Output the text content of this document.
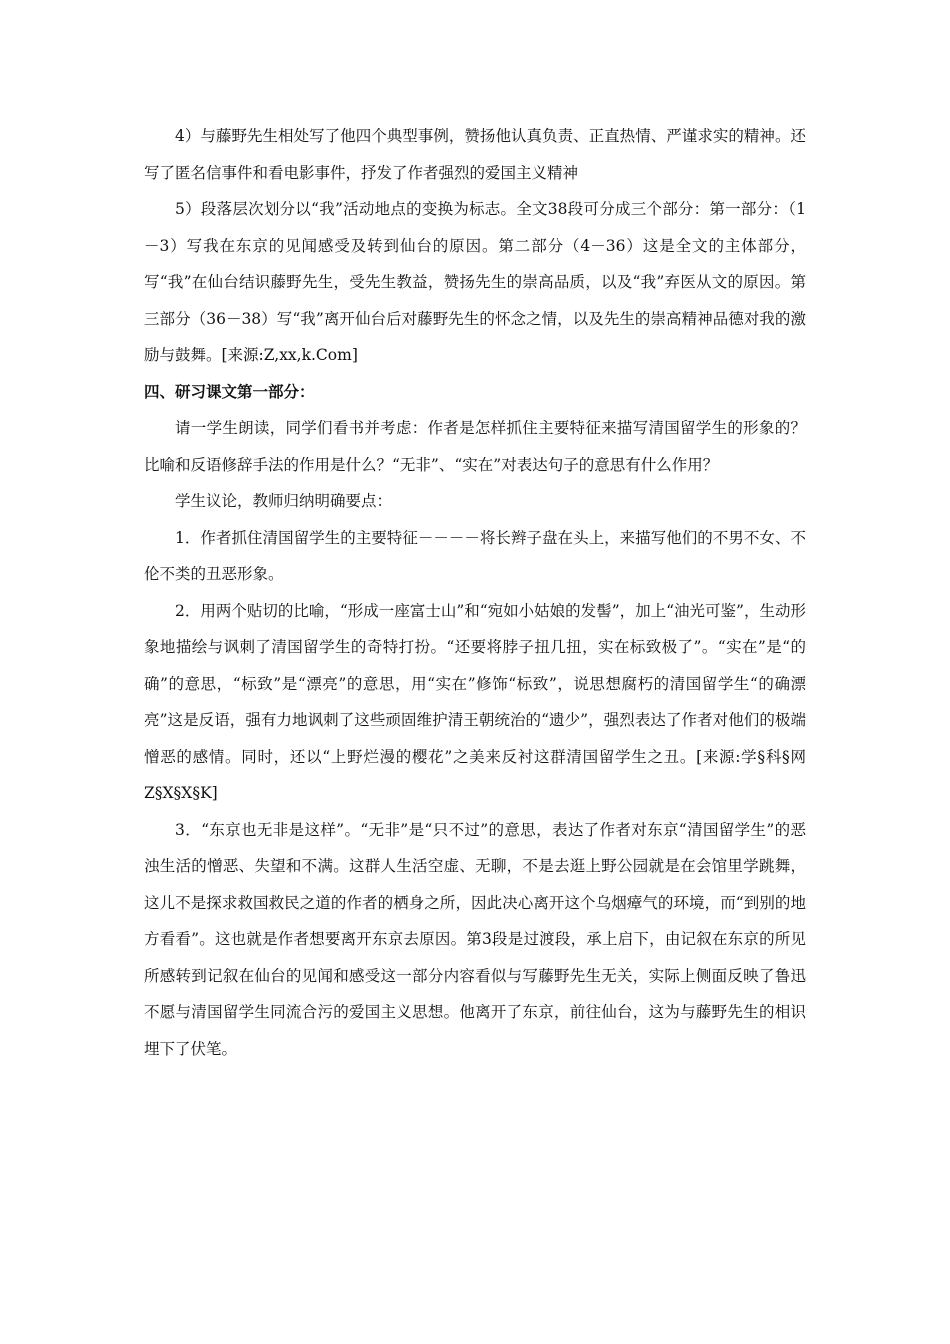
4）与藤野先生相处写了他四个典型事例，赞扬他认真负责、正直热情、严谨求实的精神。还写了匿名信事件和看电影事件，抒发了作者强烈的爱国主义精神

5）段落层次划分以“我”活动地点的变换为标志。全文38段可分成三个部分：第一部分：（1－3）写我在东京的见闻感受及转到仙台的原因。第二部分（4－36）这是全文的主体部分，写“我”在仙台结识藤野先生，受先生教益，赞扬先生的崇高品质，以及“我”弃医从文的原因。第三部分（36－38）写“我”离开仙台后对藤野先生的怀念之情，以及先生的崇高精神品德对我的激励与鼓舞。[来源:Z,xx,k.Com]

四、研习课文第一部分：

请一学生朗读，同学们看书并考虑：作者是怎样抓住主要特征来描写清国留学生的形象的？比喻和反语修辞手法的作用是什么？“无非”、“实在”对表达句子的意思有什么作用？

学生议论，教师归纳明确要点：

1．作者抓住清国留学生的主要特征－－－－将长辫子盘在头上，来描写他们的不男不女、不伦不类的丑恶形象。

2．用两个贴切的比喻，“形成一座富士山”和“宛如小姑娘的发髻”，加上“油光可鉴”，生动形象地描绘与讽刺了清国留学生的奇特打扮。“还要将脖子扭几扭，实在标致极了”。“实在”是“的确”的意思，“标致”是“漂亮”的意思，用“实在”修饰“标致”，说思想腐朽的清国留学生“的确漂亮”这是反语，强有力地讽刺了这些顽固维护清王朝统治的“遗少”，强烈表达了作者对他们的极端憎恶的感情。同时，还以“上野烂漫的樱花”之美来反衬这群清国留学生之丑。[来源:学§科§网Z§X§X§K]

3．“东京也无非是这样”。“无非”是“只不过”的意思，表达了作者对东京“清国留学生”的恶浊生活的憎恶、失望和不满。这群人生活空虚、无聊，不是去逛上野公园就是在会馆里学跳舞，这儿不是探求救国救民之道的作者的栖身之所，因此决心离开这个乌烟瘴气的环境，而“到别的地方看看”。这也就是作者想要离开东京去原因。第3段是过渡段，承上启下，由记叙在东京的所见所感转到记叙在仙台的见闻和感受这一部分内容看似与写藤野先生无关，实际上侧面反映了鲁迅不愿与清国留学生同流合污的爱国主义思想。他离开了东京，前往仙台，这为与藤野先生的相识埋下了伏笔。
